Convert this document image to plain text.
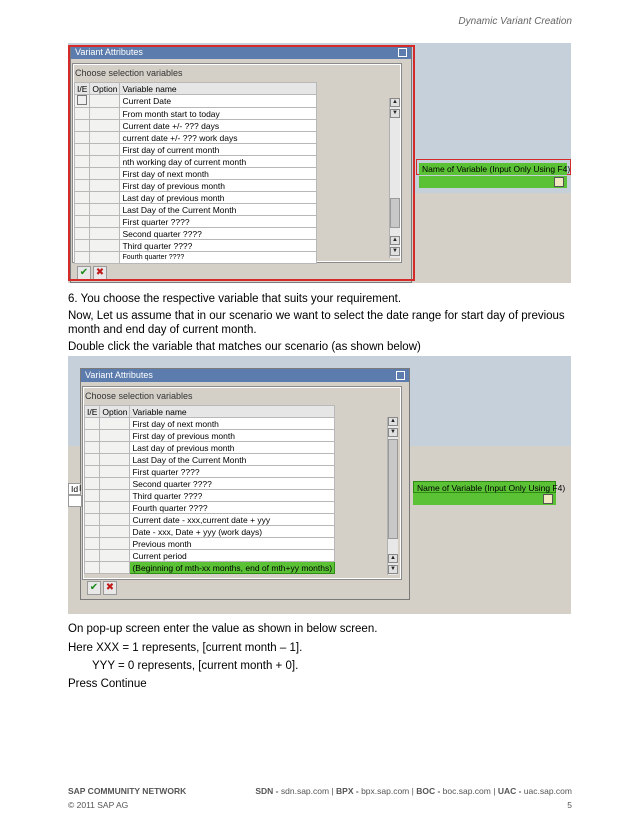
Dynamic Variant Creation
Variant Attributes
Choose selection variables
I/E	Option	Variable name
		Current Date
		From month start to today
		Current date +/- ??? days
		current date +/- ??? work days
		First day of current month
		nth working day of current month
		First day of next month
		First day of previous month
		Last day of previous month
		Last Day of the Current Month
		First quarter ????
		Second quarter ????
		Third quarter ????
		Fourth quarter ????
▲
▼
▲
▼
✔ ✖
Name of Variable (Input Only Using F4)
6. You choose the respective variable that suits your requirement.
Now, Let us assume that in our scenario we want to select the date range for start day of previous month and end day of current month.
Double click the variable that matches our scenario (as shown below)
Variant Attributes
Choose selection variables
I/E	Option	Variable name
		First day of next month
		First day of previous month
		Last day of previous month
		Last Day of the Current Month
		First quarter ????
		Second quarter ????
		Third quarter ????
		Fourth quarter ????
		Current date - xxx,current date + yyy
		Date - xxx, Date + yyy (work days)
		Previous month
		Current period
		(Beginning of mth-xx months, end of mth+yy months)
▲
▼
▲
▼
✔ ✖
Id I	Name of Variable (Input Only Using F4)
On pop-up screen enter the value as shown in below screen.
Here XXX = 1 represents, [current month – 1].
YYY = 0 represents, [current month + 0].
Press Continue
SAP COMMUNITY NETWORK	SDN - sdn.sap.com | BPX - bpx.sap.com | BOC - boc.sap.com | UAC - uac.sap.com
© 2011 SAP AG	5
